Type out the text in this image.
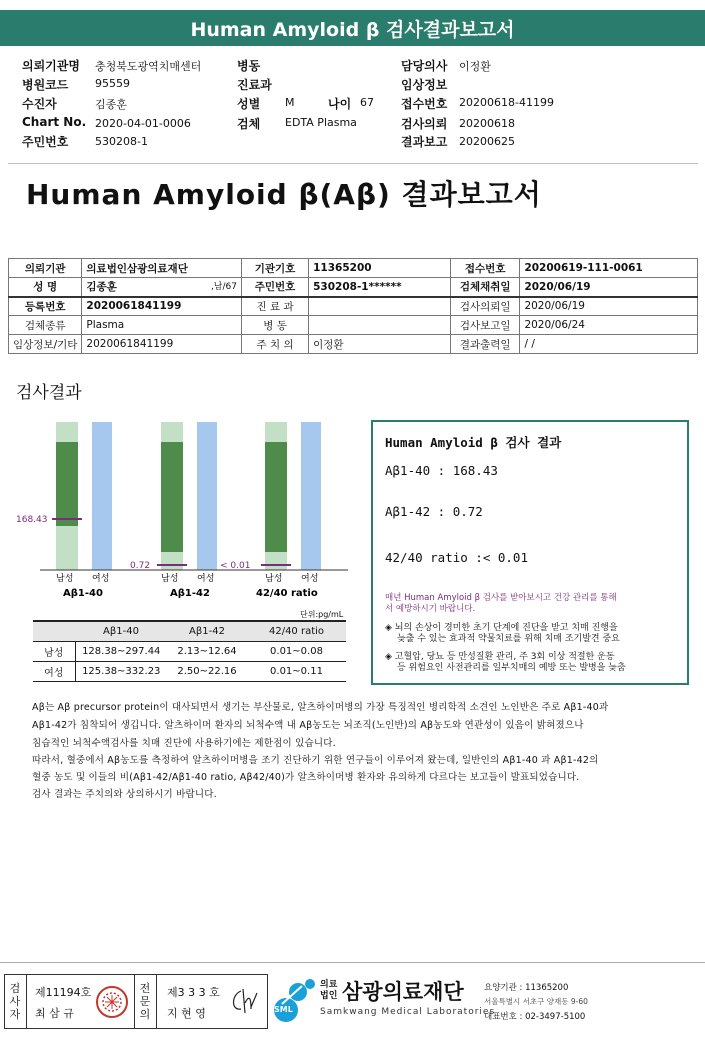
Human Amyloid β 검사결과보고서
의뢰기관명 충청북도광역치매센터
병원코드 95559
수진자	김종훈
Chart No. 2020-04-01-0006
주민번호 530208-1
병동
진료과
성별 M	나이 67
검체 EDTA Plasma
담당의사 이정환
임상정보
접수번호 20200618-41199
검사의뢰 20200618
결과보고 20200625
Human Amyloid β(Aβ) 결과보고서
의뢰기관	의료법인삼광의료재단	기관기호	11365200	접수번호	20200619-111-0061
성 명	김종훈 ,남/67	주민번호	530208-1******	검체채취일	2020/06/19
등록번호	2020061841199	진 료 과		검사의뢰일	2020/06/19
검체종류	Plasma	병 동		검사보고일	2020/06/24
임상정보/기타	2020061841199	주 치 의	이정환	결과출력일	/ /
검사결과
168.43
남성 여성
Aβ1-40
0.72
남성 여성
Aβ1-42
< 0.01
남성 여성
42/40 ratio
단위:pg/mL
	Aβ1-40	Aβ1-42	42/40 ratio
남성	128.38~297.44	2.13~12.64	0.01~0.08
여성	125.38~332.23	2.50~22.16	0.01~0.11
Human Amyloid β 검사 결과
Aβ1-40 : 168.43
Aβ1-42 : 0.72
42/40 ratio :< 0.01
매년 Human Amyloid β 검사를 받아보시고 건강 관리를 통해
서 예방하시기 바랍니다.
◈ 뇌의 손상이 경미한 초기 단계에 진단을 받고 치매 진행을
늦출 수 있는 효과적 약물치료를 위해 치매 조기발견 중요
◈ 고혈압, 당뇨 등 만성질환 관리, 주 3회 이상 적절한 운동
등 위험요인 사전관리를 일부치매의 예방 또는 발병을 늦춤
Aβ는 Aβ precursor protein이 대사되면서 생기는 부산물로, 알츠하이머병의 가장 특징적인 병리학적 소견인 노인반은 주로 Aβ1-40과
Aβ1-42가 침착되어 생깁니다. 알츠하이머 환자의 뇌척수액 내 Aβ농도는 뇌조직(노인반)의 Aβ농도와 연관성이 있음이 밝혀졌으나
침습적인 뇌척수액검사를 치매 진단에 사용하기에는 제한점이 있습니다.
따라서, 혈중에서 Aβ농도를 측정하여 알츠하이머병을 조기 진단하기 위한 연구들이 이루어져 왔는데, 일반인의 Aβ1-40 과 Aβ1-42의
혈중 농도 및 이들의 비(Aβ1-42/Aβ1-40 ratio, Aβ42/40)가 알츠하이머병 환자와 유의하게 다르다는 보고들이 발표되었습니다.
검사 결과는 주치의와 상의하시기 바랍니다.
검
사
자
제11194호
최 삼 규
전
문
의
제3 3 3 호
지 현 영	SML
의료
법인 삼광의료재단
Samkwang Medical Laboratories
요양기관 : 11365200
서울특별시 서초구 양재동 9-60
대표번호 : 02-3497-5100
